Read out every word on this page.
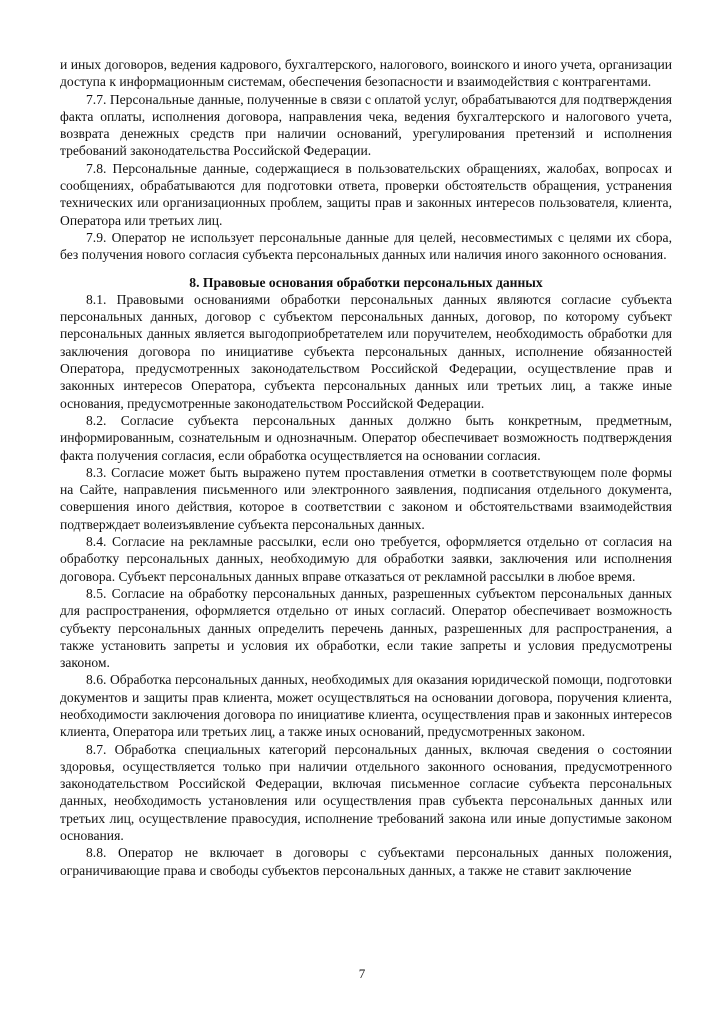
и иных договоров, ведения кадрового, бухгалтерского, налогового, воинского и иного учета, организации доступа к информационным системам, обеспечения безопасности и взаимодействия с контрагентами.

7.7. Персональные данные, полученные в связи с оплатой услуг, обрабатываются для подтверждения факта оплаты, исполнения договора, направления чека, ведения бухгалтерского и налогового учета, возврата денежных средств при наличии оснований, урегулирования претензий и исполнения требований законодательства Российской Федерации.

7.8. Персональные данные, содержащиеся в пользовательских обращениях, жалобах, вопросах и сообщениях, обрабатываются для подготовки ответа, проверки обстоятельств обращения, устранения технических или организационных проблем, защиты прав и законных интересов пользователя, клиента, Оператора или третьих лиц.

7.9. Оператор не использует персональные данные для целей, несовместимых с целями их сбора, без получения нового согласия субъекта персональных данных или наличия иного законного основания.

8. Правовые основания обработки персональных данных

8.1. Правовыми основаниями обработки персональных данных являются согласие субъекта персональных данных, договор с субъектом персональных данных, договор, по которому субъект персональных данных является выгодоприобретателем или поручителем, необходимость обработки для заключения договора по инициативе субъекта персональных данных, исполнение обязанностей Оператора, предусмотренных законодательством Российской Федерации, осуществление прав и законных интересов Оператора, субъекта персональных данных или третьих лиц, а также иные основания, предусмотренные законодательством Российской Федерации.

8.2. Согласие субъекта персональных данных должно быть конкретным, предметным, информированным, сознательным и однозначным. Оператор обеспечивает возможность подтверждения факта получения согласия, если обработка осуществляется на основании согласия.

8.3. Согласие может быть выражено путем проставления отметки в соответствующем поле формы на Сайте, направления письменного или электронного заявления, подписания отдельного документа, совершения иного действия, которое в соответствии с законом и обстоятельствами взаимодействия подтверждает волеизъявление субъекта персональных данных.

8.4. Согласие на рекламные рассылки, если оно требуется, оформляется отдельно от согласия на обработку персональных данных, необходимую для обработки заявки, заключения или исполнения договора. Субъект персональных данных вправе отказаться от рекламной рассылки в любое время.

8.5. Согласие на обработку персональных данных, разрешенных субъектом персональных данных для распространения, оформляется отдельно от иных согласий. Оператор обеспечивает возможность субъекту персональных данных определить перечень данных, разрешенных для распространения, а также установить запреты и условия их обработки, если такие запреты и условия предусмотрены законом.

8.6. Обработка персональных данных, необходимых для оказания юридической помощи, подготовки документов и защиты прав клиента, может осуществляться на основании договора, поручения клиента, необходимости заключения договора по инициативе клиента, осуществления прав и законных интересов клиента, Оператора или третьих лиц, а также иных оснований, предусмотренных законом.

8.7. Обработка специальных категорий персональных данных, включая сведения о состоянии здоровья, осуществляется только при наличии отдельного законного основания, предусмотренного законодательством Российской Федерации, включая письменное согласие субъекта персональных данных, необходимость установления или осуществления прав субъекта персональных данных или третьих лиц, осуществление правосудия, исполнение требований закона или иные допустимые законом основания.

8.8. Оператор не включает в договоры с субъектами персональных данных положения, ограничивающие права и свободы субъектов персональных данных, а также не ставит заключение

7
